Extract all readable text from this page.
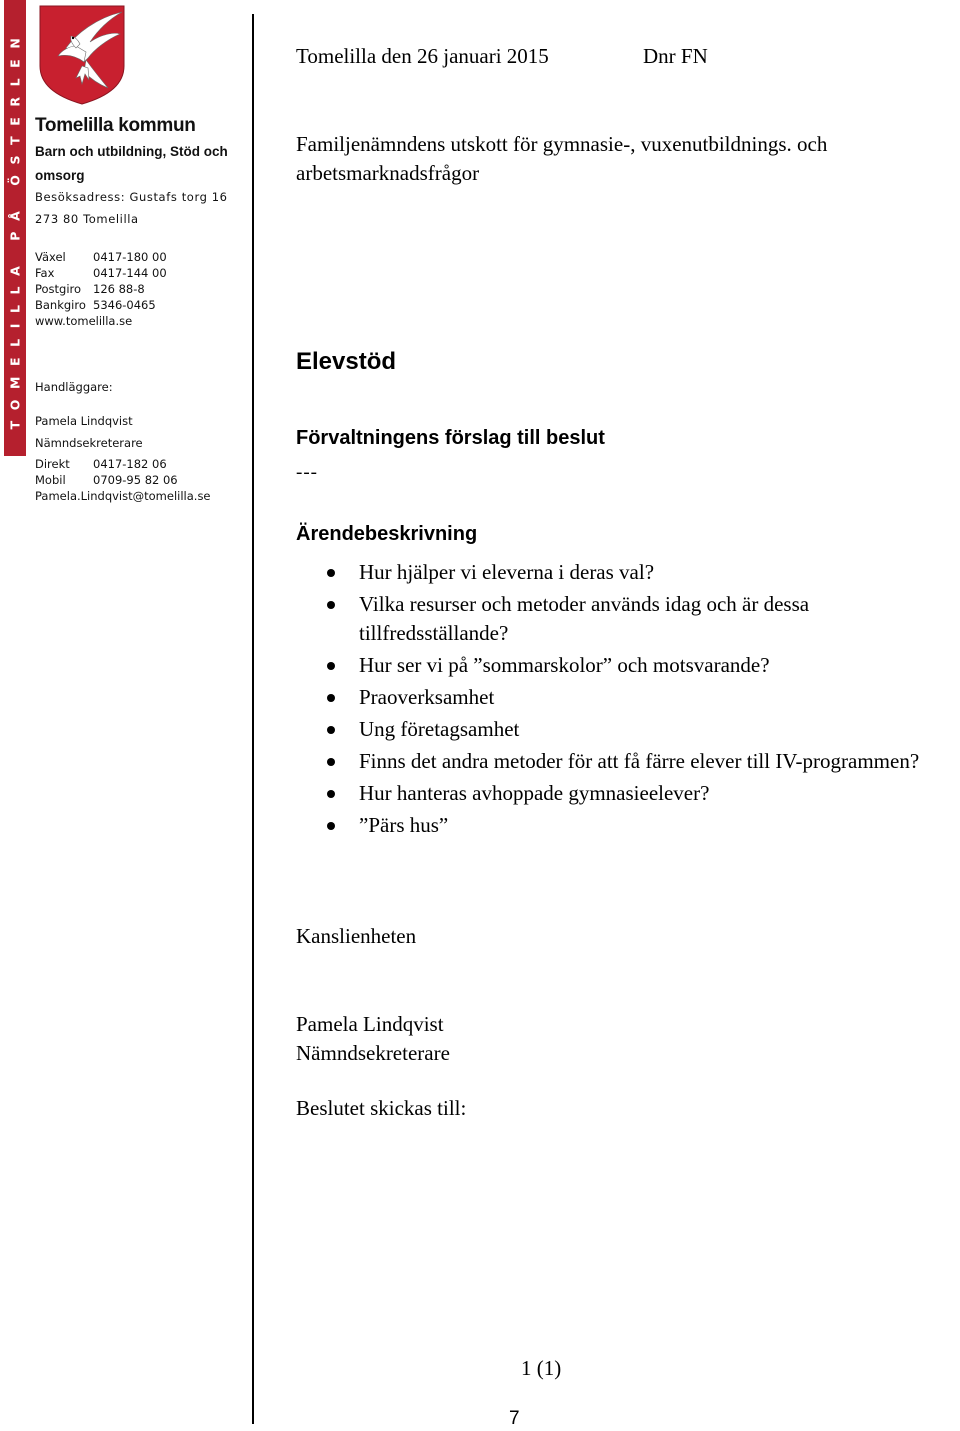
TOMELILLA PÅ ÖSTERLEN Tomelilla kommun
Barn och utbildning, Stöd och omsorg
Besöksadress: Gustafs torg 16
273 80 Tomelilla
Växel 0417-180 00
Fax	0417-144 00
Postgiro 126 88-8
Bankgiro 5346-0465
www.tomelilla.se
Handläggare:
Pamela Lindqvist
Nämndsekreterare
Direkt 0417-182 06
Mobil 0709-95 82 06
Pamela.Lindqvist@tomelilla.se
Tomelilla den 26 januari 2015	Dnr FN
Familjenämndens utskott för gymnasie-, vuxenutbildnings. och arbetsmarknadsfrågor
Elevstöd
Förvaltningens förslag till beslut
---
Ärendebeskrivning
Hur hjälper vi eleverna i deras val?
Vilka resurser och metoder används idag och är dessa tillfredsställande?
Hur ser vi på ”sommarskolor” och motsvarande?
Praoverksamhet
Ung företagsamhet
Finns det andra metoder för att få färre elever till IV-programmen?
Hur hanteras avhoppade gymnasieelever?
”Pärs hus”
Kanslienheten
Pamela Lindqvist
Nämndsekreterare
Beslutet skickas till:
1 (1)
7
